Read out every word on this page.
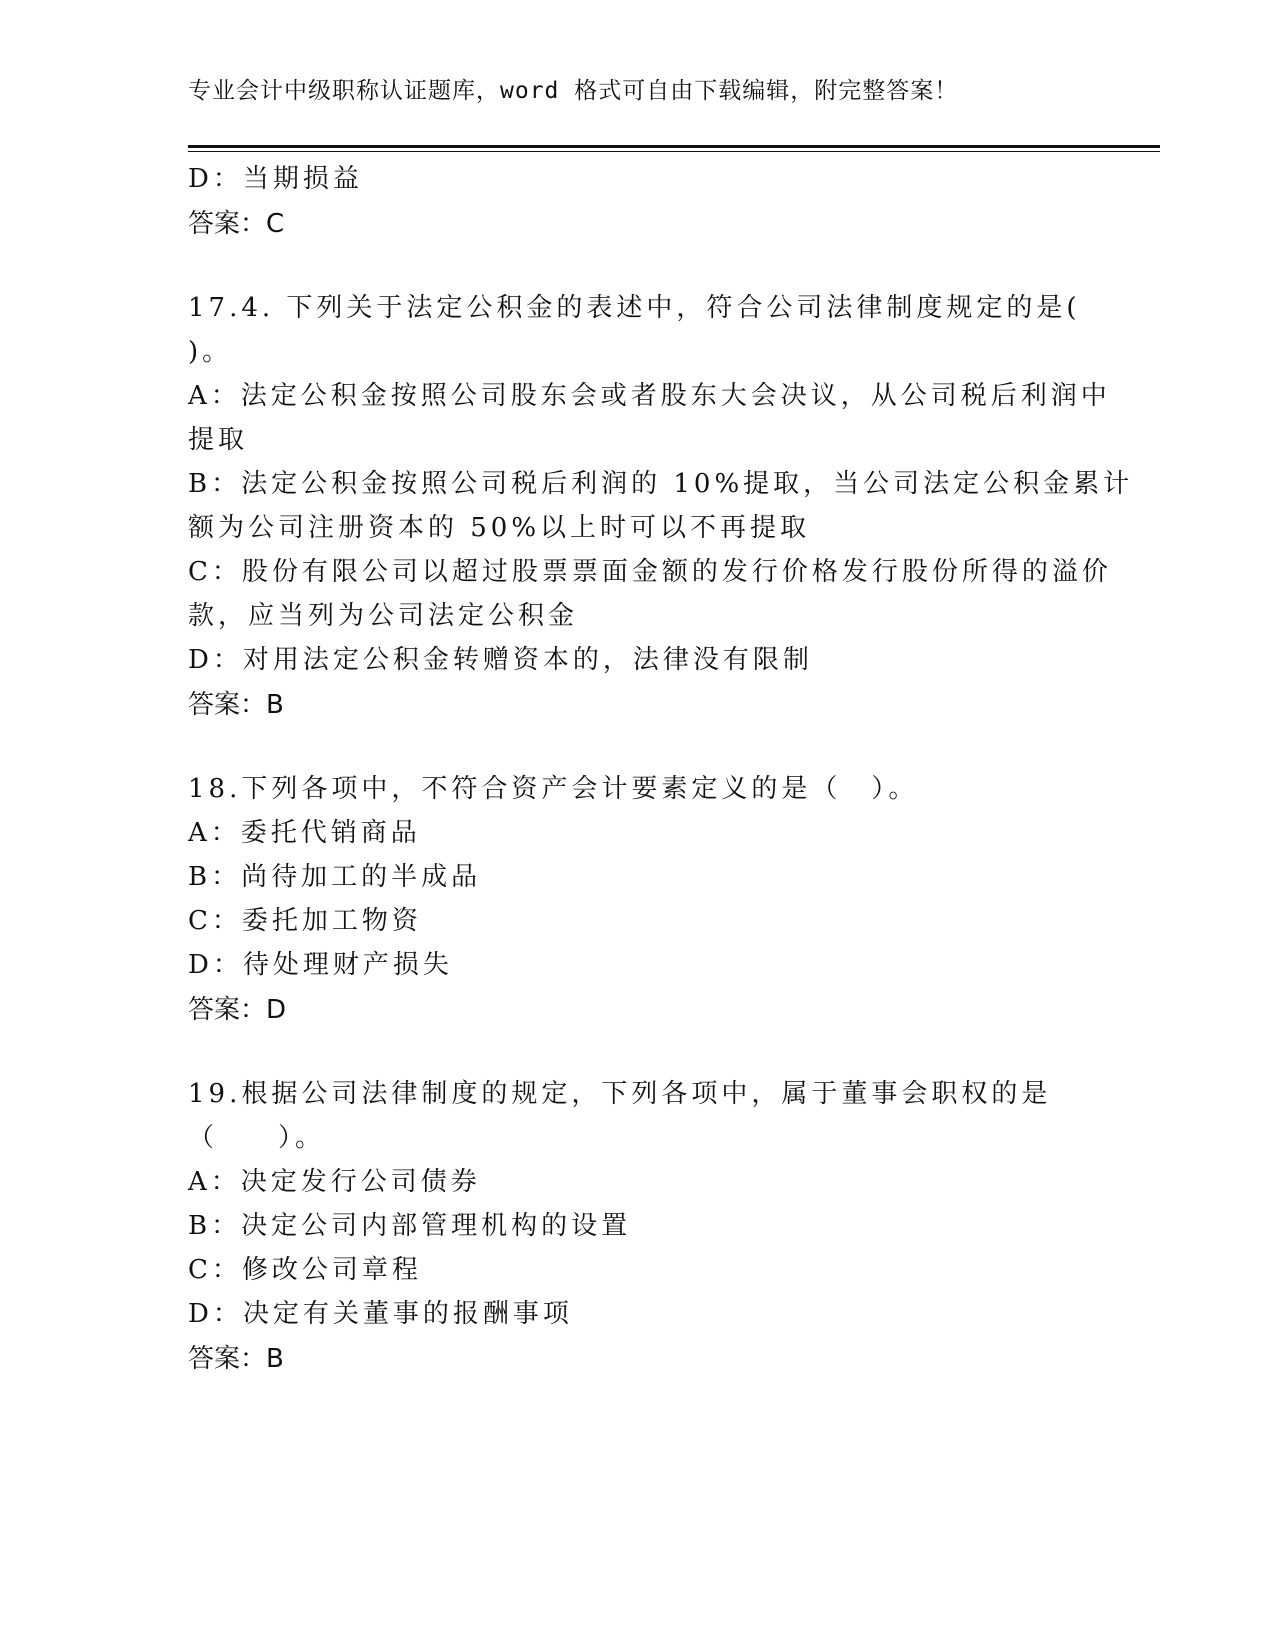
专业会计中级职称认证题库，word 格式可自由下载编辑，附完整答案！
D：当期损益
答案：C
17.4. 下列关于法定公积金的表述中，符合公司法律制度规定的是(
)。
A：法定公积金按照公司股东会或者股东大会决议，从公司税后利润中
提取
B：法定公积金按照公司税后利润的 10%提取，当公司法定公积金累计
额为公司注册资本的 50%以上时可以不再提取
C：股份有限公司以超过股票票面金额的发行价格发行股份所得的溢价
款，应当列为公司法定公积金
D：对用法定公积金转赠资本的，法律没有限制
答案：B
18.下列各项中，不符合资产会计要素定义的是（　）。
A：委托代销商品
B：尚待加工的半成品
C：委托加工物资
D：待处理财产损失
答案：D
19.根据公司法律制度的规定，下列各项中，属于董事会职权的是
（　　）。
A：决定发行公司债券
B：决定公司内部管理机构的设置
C：修改公司章程
D：决定有关董事的报酬事项
答案：B
